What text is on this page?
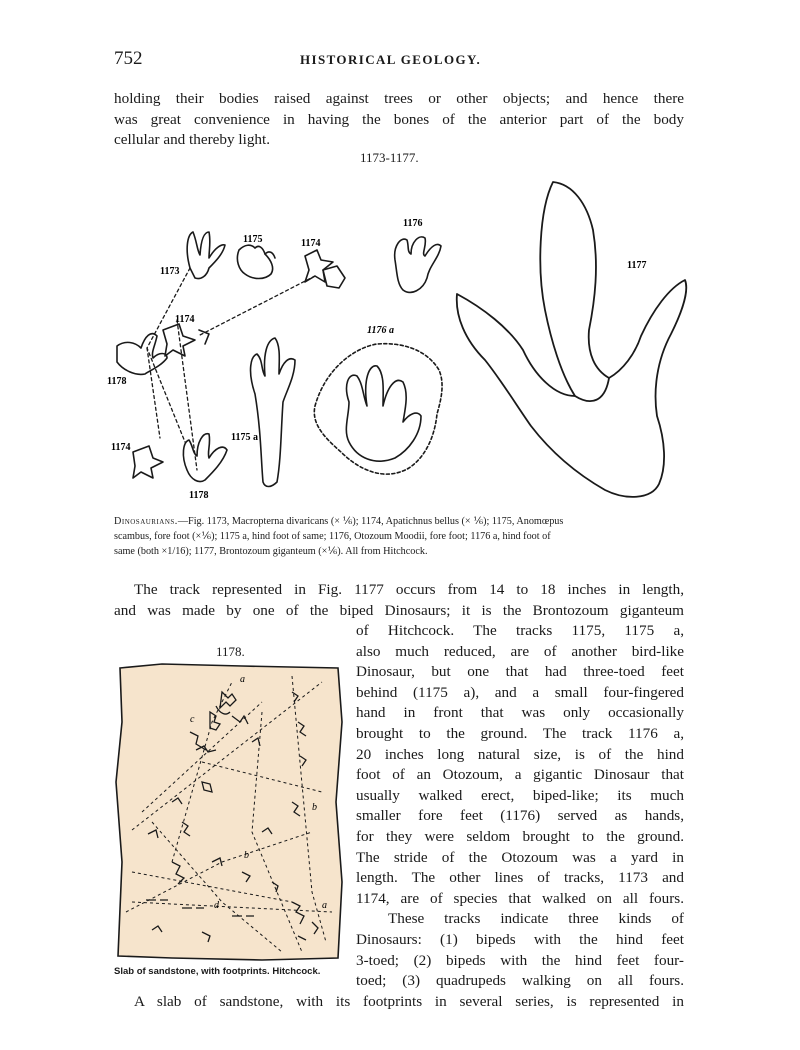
752	HISTORICAL GEOLOGY.

holding their bodies raised against trees or other objects; and hence there

was great convenience in having the bones of the anterior part of the body

cellular and thereby light.

1173-1177.
1173
1175	1174
1176
1177
1174
1176 a
1178
1175 a
1174
1178
Dinosaurians.—Fig. 1173, Macropterna divaricans (× ⅙); 1174, Apatichnus bellus (× ⅙); 1175, Anomœpus
scambus, fore foot (×⅙); 1175 a, hind foot of same; 1176, Otozoum Moodii, fore foot; 1176 a, hind foot of
same (both ×1/16); 1177, Brontozoum giganteum (×⅙). All from Hitchcock.

The track represented in Fig. 1177 occurs from 14 to 18 inches in length,

and was made by one of the biped Dinosaurs; it is the Brontozoum giganteum

of Hitchcock. The tracks 1175, 1175 a,

also much reduced, are of another bird-like

Dinosaur, but one that had three-toed feet

behind (1175 a), and a small four-fingered

hand in front that was only occasionally

brought to the ground. The track 1176 a,

20 inches long natural size, is of the hind

foot of an Otozoum, a gigantic Dinosaur that

usually walked erect, biped-like; its much

smaller fore feet (1176) served as hands,

for they were seldom brought to the ground.

The stride of the Otozoum was a yard in

length. The other lines of tracks, 1173 and

1174, are of species that walked on all fours.

These tracks indicate three kinds of

Dinosaurs: (1) bipeds with the hind feet

3-toed; (2) bipeds with the hind feet four-

toed; (3) quadrupeds walking on all fours.

1178.
a
c
b
b
d	a
Slab of sandstone, with footprints. Hitchcock.

A slab of sandstone, with its footprints in several series, is represented in
